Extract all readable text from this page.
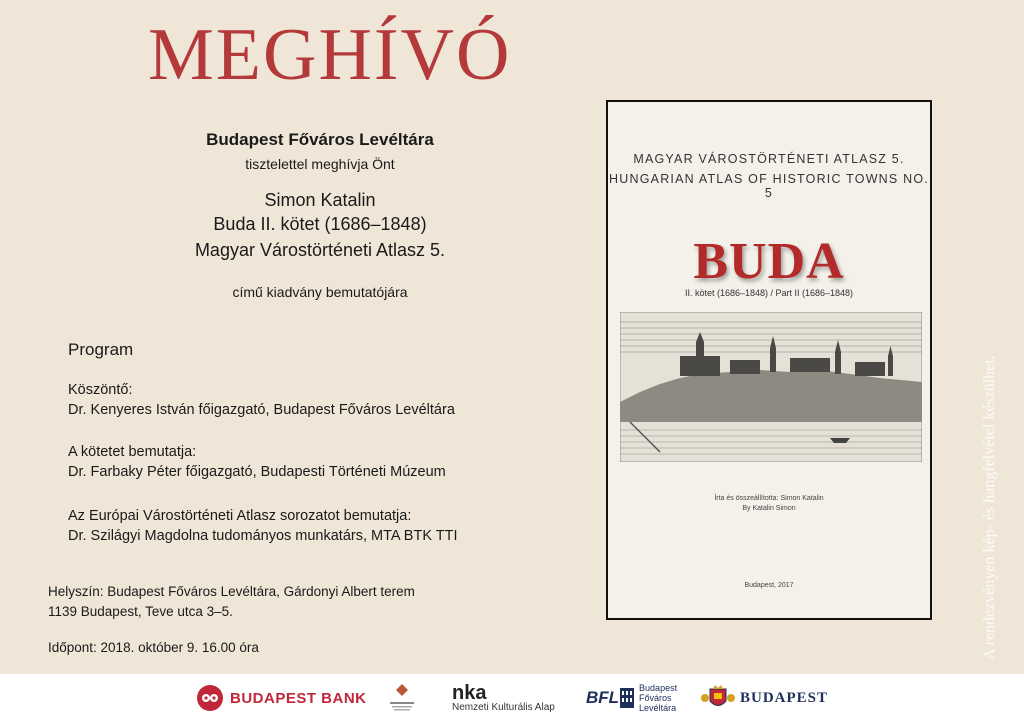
MEGHÍVÓ
Budapest Főváros Levéltára
tisztelettel meghívja Önt
Simon Katalin
Buda II. kötet (1686–1848)
Magyar Várostörténeti Atlasz 5.
című kiadvány bemutatójára
Program
Köszöntő:
Dr. Kenyeres István főigazgató, Budapest Főváros Levéltára
A kötetet bemutatja:
Dr. Farbaky Péter főigazgató, Budapesti Történeti Múzeum
Az Európai Várostörténeti Atlasz sorozatot bemutatja:
Dr. Szilágyi Magdolna tudományos munkatárs, MTA BTK TTI
Helyszín: Budapest Főváros Levéltára, Gárdonyi Albert terem
1139 Budapest, Teve utca 3–5.
Időpont: 2018. október 9. 16.00 óra
MAGYAR VÁROSTÖRTÉNETI ATLASZ 5.
HUNGARIAN ATLAS OF HISTORIC TOWNS NO. 5
BUDA
II. kötet (1686–1848) / Part II (1686–1848)
Írta és összeállította: Simon Katalin
By Katalin Simon
Budapest, 2017	A rendezvényen kép- és hangfelvétel készülhet.
BUDAPEST BANK	nka
Nemzeti Kulturális Alap BFL Budapest
Főváros
Levéltára
BUDAPEST
